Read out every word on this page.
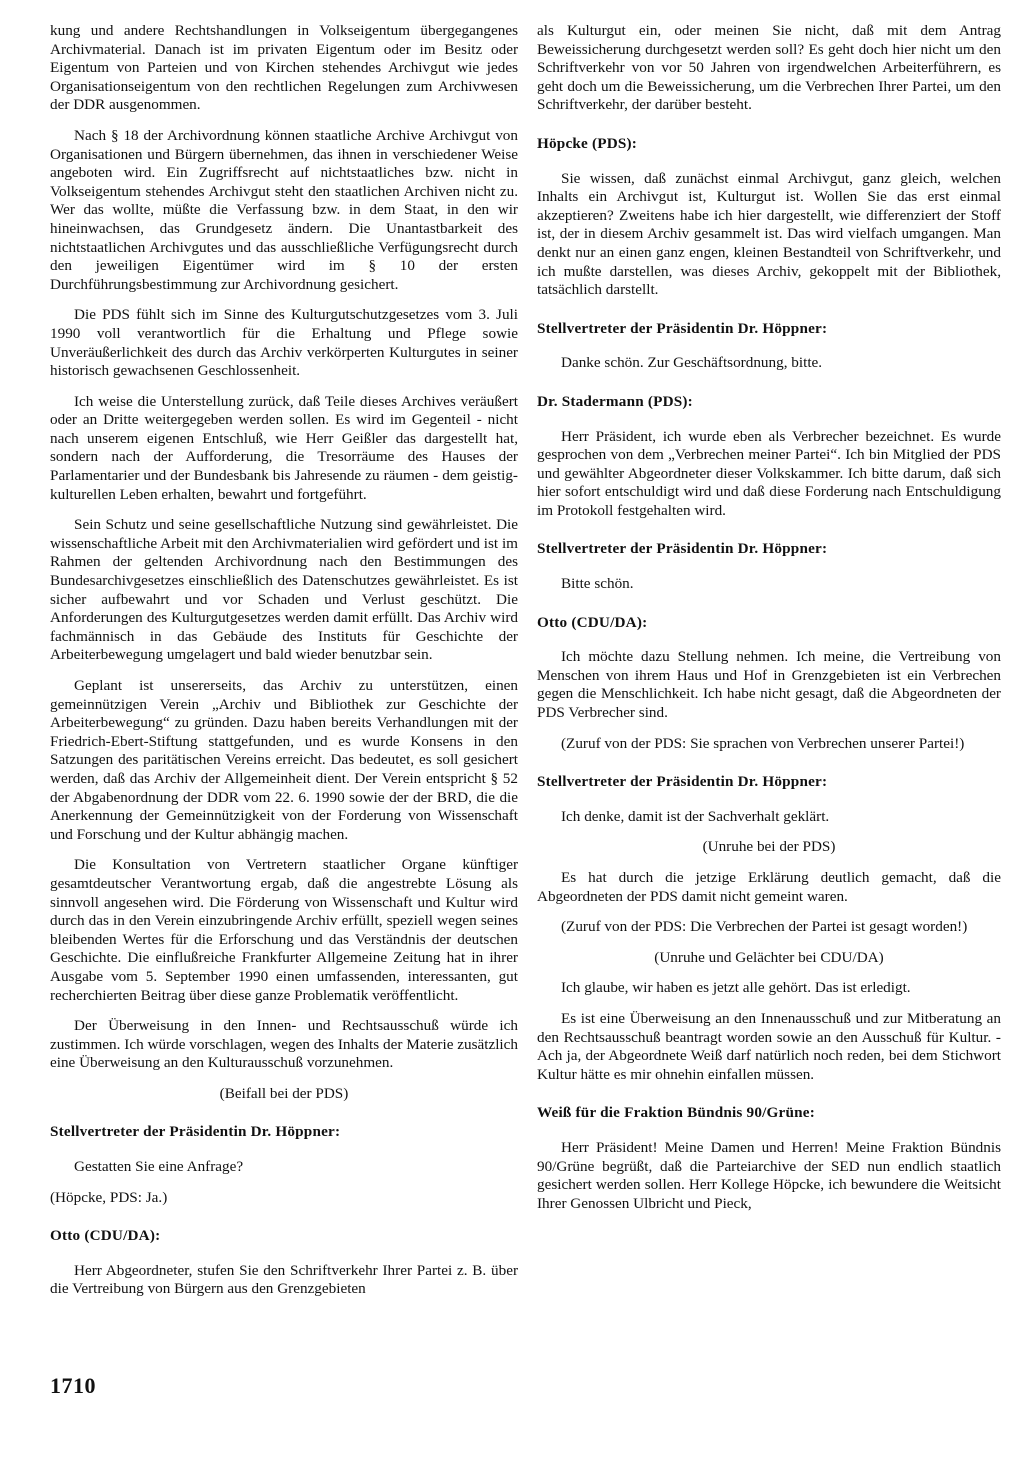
kung und andere Rechtshandlungen in Volkseigentum übergegangenes Archivmaterial. Danach ist im privaten Eigentum oder im Besitz oder Eigentum von Parteien und von Kirchen stehendes Archivgut wie jedes Organisationseigentum von den rechtlichen Regelungen zum Archivwesen der DDR ausgenommen.

Nach § 18 der Archivordnung können staatliche Archive Archivgut von Organisationen und Bürgern übernehmen, das ihnen in verschiedener Weise angeboten wird. Ein Zugriffsrecht auf nichtstaatliches bzw. nicht in Volkseigentum stehendes Archivgut steht den staatlichen Archiven nicht zu. Wer das wollte, müßte die Verfassung bzw. in dem Staat, in den wir hineinwachsen, das Grundgesetz ändern. Die Unantastbarkeit des nichtstaatlichen Archivgutes und das ausschließliche Verfügungsrecht durch den jeweiligen Eigentümer wird im § 10 der ersten Durchführungsbestimmung zur Archivordnung gesichert.

Die PDS fühlt sich im Sinne des Kulturgutschutzgesetzes vom 3. Juli 1990 voll verantwortlich für die Erhaltung und Pflege sowie Unveräußerlichkeit des durch das Archiv verkörperten Kulturgutes in seiner historisch gewachsenen Geschlossenheit.

Ich weise die Unterstellung zurück, daß Teile dieses Archives veräußert oder an Dritte weitergegeben werden sollen. Es wird im Gegenteil - nicht nach unserem eigenen Entschluß, wie Herr Geißler das dargestellt hat, sondern nach der Aufforderung, die Tresorräume des Hauses der Parlamentarier und der Bundesbank bis Jahresende zu räumen - dem geistig-kulturellen Leben erhalten, bewahrt und fortgeführt.

Sein Schutz und seine gesellschaftliche Nutzung sind gewährleistet. Die wissenschaftliche Arbeit mit den Archivmaterialien wird gefördert und ist im Rahmen der geltenden Archivordnung nach den Bestimmungen des Bundesarchivgesetzes einschließlich des Datenschutzes gewährleistet. Es ist sicher aufbewahrt und vor Schaden und Verlust geschützt. Die Anforderungen des Kulturgutgesetzes werden damit erfüllt. Das Archiv wird fachmännisch in das Gebäude des Instituts für Geschichte der Arbeiterbewegung umgelagert und bald wieder benutzbar sein.

Geplant ist unsererseits, das Archiv zu unterstützen, einen gemeinnützigen Verein „Archiv und Bibliothek zur Geschichte der Arbeiterbewegung“ zu gründen. Dazu haben bereits Verhandlungen mit der Friedrich-Ebert-Stiftung stattgefunden, und es wurde Konsens in den Satzungen des paritätischen Vereins erreicht. Das bedeutet, es soll gesichert werden, daß das Archiv der Allgemeinheit dient. Der Verein entspricht § 52 der Abgabenordnung der DDR vom 22. 6. 1990 sowie der der BRD, die die Anerkennung der Gemeinnützigkeit von der Forderung von Wissenschaft und Forschung und der Kultur abhängig machen.

Die Konsultation von Vertretern staatlicher Organe künftiger gesamtdeutscher Verantwortung ergab, daß die angestrebte Lösung als sinnvoll angesehen wird. Die Förderung von Wissenschaft und Kultur wird durch das in den Verein einzubringende Archiv erfüllt, speziell wegen seines bleibenden Wertes für die Erforschung und das Verständnis der deutschen Geschichte. Die einflußreiche Frankfurter Allgemeine Zeitung hat in ihrer Ausgabe vom 5. September 1990 einen umfassenden, interessanten, gut recherchierten Beitrag über diese ganze Problematik veröffentlicht.

Der Überweisung in den Innen- und Rechtsausschuß würde ich zustimmen. Ich würde vorschlagen, wegen des Inhalts der Materie zusätzlich eine Überweisung an den Kulturausschuß vorzunehmen.

(Beifall bei der PDS)

Stellvertreter der Präsidentin Dr. Höppner:

Gestatten Sie eine Anfrage?

(Höpcke, PDS: Ja.)

Otto (CDU/DA):

Herr Abgeordneter, stufen Sie den Schriftverkehr Ihrer Partei z. B. über die Vertreibung von Bürgern aus den Grenzgebieten

als Kulturgut ein, oder meinen Sie nicht, daß mit dem Antrag Beweissicherung durchgesetzt werden soll? Es geht doch hier nicht um den Schriftverkehr von vor 50 Jahren von irgendwelchen Arbeiterführern, es geht doch um die Beweissicherung, um die Verbrechen Ihrer Partei, um den Schriftverkehr, der darüber besteht.

Höpcke (PDS):

Sie wissen, daß zunächst einmal Archivgut, ganz gleich, welchen Inhalts ein Archivgut ist, Kulturgut ist. Wollen Sie das erst einmal akzeptieren? Zweitens habe ich hier dargestellt, wie differenziert der Stoff ist, der in diesem Archiv gesammelt ist. Das wird vielfach umgangen. Man denkt nur an einen ganz engen, kleinen Bestandteil von Schriftverkehr, und ich mußte darstellen, was dieses Archiv, gekoppelt mit der Bibliothek, tatsächlich darstellt.

Stellvertreter der Präsidentin Dr. Höppner:

Danke schön. Zur Geschäftsordnung, bitte.

Dr. Stadermann (PDS):

Herr Präsident, ich wurde eben als Verbrecher bezeichnet. Es wurde gesprochen von dem „Verbrechen meiner Partei“. Ich bin Mitglied der PDS und gewählter Abgeordneter dieser Volkskammer. Ich bitte darum, daß sich hier sofort entschuldigt wird und daß diese Forderung nach Entschuldigung im Protokoll festgehalten wird.

Stellvertreter der Präsidentin Dr. Höppner:

Bitte schön.

Otto (CDU/DA):

Ich möchte dazu Stellung nehmen. Ich meine, die Vertreibung von Menschen von ihrem Haus und Hof in Grenzgebieten ist ein Verbrechen gegen die Menschlichkeit. Ich habe nicht gesagt, daß die Abgeordneten der PDS Verbrecher sind.

(Zuruf von der PDS: Sie sprachen von Verbrechen unserer Partei!)

Stellvertreter der Präsidentin Dr. Höppner:

Ich denke, damit ist der Sachverhalt geklärt.

(Unruhe bei der PDS)

Es hat durch die jetzige Erklärung deutlich gemacht, daß die Abgeordneten der PDS damit nicht gemeint waren.

(Zuruf von der PDS: Die Verbrechen der Partei ist gesagt worden!)

(Unruhe und Gelächter bei CDU/DA)

Ich glaube, wir haben es jetzt alle gehört. Das ist erledigt.

Es ist eine Überweisung an den Innenausschuß und zur Mitberatung an den Rechtsausschuß beantragt worden sowie an den Ausschuß für Kultur. - Ach ja, der Abgeordnete Weiß darf natürlich noch reden, bei dem Stichwort Kultur hätte es mir ohnehin einfallen müssen.

Weiß für die Fraktion Bündnis 90/Grüne:

Herr Präsident! Meine Damen und Herren! Meine Fraktion Bündnis 90/Grüne begrüßt, daß die Parteiarchive der SED nun endlich staatlich gesichert werden sollen. Herr Kollege Höpcke, ich bewundere die Weitsicht Ihrer Genossen Ulbricht und Pieck,

1710
